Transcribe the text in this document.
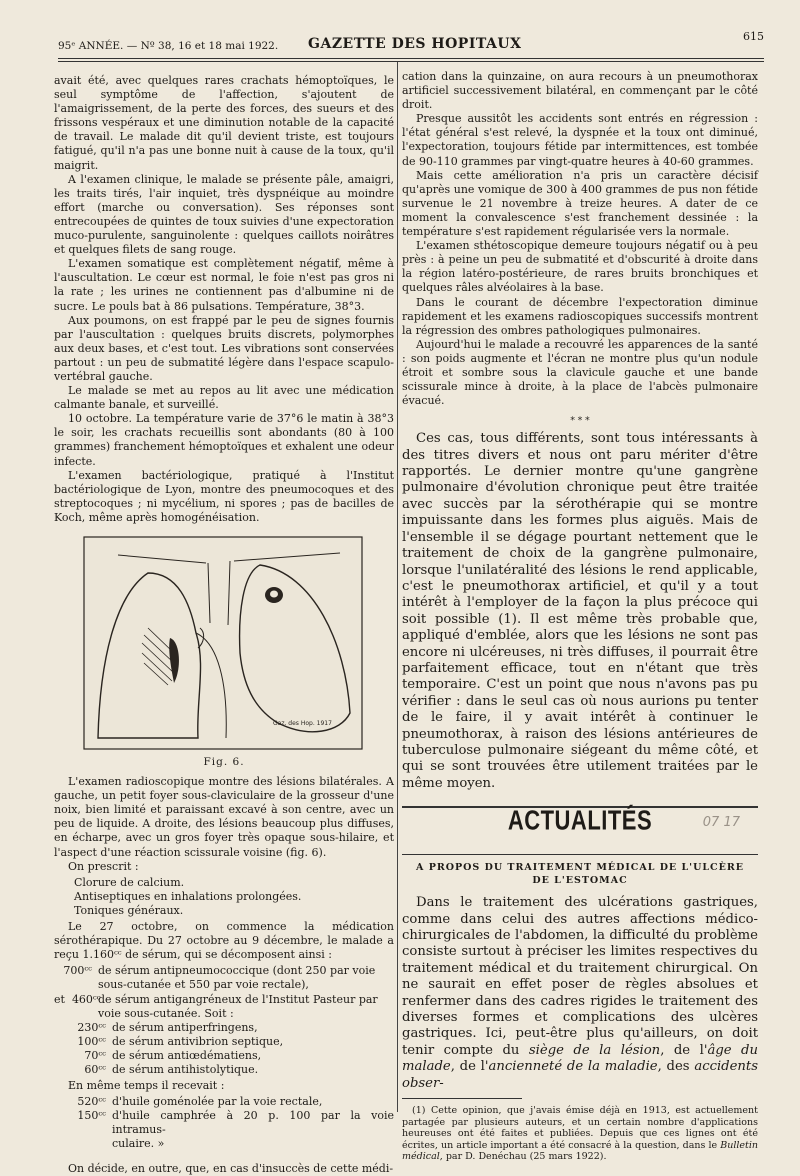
95ᵉ ANNÉE. — Nº 38, 16 et 18 mai 1922. GAZETTE DES HOPITAUX	615

avait été, avec quelques rares crachats hémoptoïques, le seul symptôme de l'affection, s'ajoutent de l'amaigrissement, de la perte des forces, des sueurs et des frissons vespéraux et une diminution notable de la capacité de travail. Le malade dit qu'il devient triste, est toujours fatigué, qu'il n'a pas une bonne nuit à cause de la toux, qu'il maigrit.

A l'examen clinique, le malade se présente pâle, amaigri, les traits tirés, l'air inquiet, très dyspnéique au moindre effort (marche ou conversation). Ses réponses sont entrecoupées de quintes de toux suivies d'une expectoration muco-purulente, sanguinolente : quelques caillots noirâtres et quelques filets de sang rouge.

L'examen somatique est complètement négatif, même à l'auscultation. Le cœur est normal, le foie n'est pas gros ni la rate ; les urines ne contiennent pas d'albumine ni de sucre. Le pouls bat à 86 pulsations. Température, 38°3.

Aux poumons, on est frappé par le peu de signes fournis par l'auscultation : quelques bruits discrets, polymorphes aux deux bases, et c'est tout. Les vibrations sont conservées partout : un peu de submatité légère dans l'espace scapulo-vertébral gauche.

Le malade se met au repos au lit avec une médication calmante banale, et surveillé.

10 octobre. La température varie de 37°6 le matin à 38°3 le soir, les crachats recueillis sont abondants (80 à 100 grammes) franchement hémoptoïques et exhalent une odeur infecte.

L'examen bactériologique, pratiqué à l'Institut bactériologique de Lyon, montre des pneumocoques et des streptocoques ; ni mycélium, ni spores ; pas de bacilles de Koch, même après homogénéisation.

Gaz. des Hop. 1917
Fig. 6.

L'examen radioscopique montre des lésions bilatérales. A gauche, un petit foyer sous-claviculaire de la grosseur d'une noix, bien limité et paraissant excavé à son centre, avec un peu de liquide. A droite, des lésions beaucoup plus diffuses, en écharpe, avec un gros foyer très opaque sous-hilaire, et l'aspect d'une réaction scissurale voisine (fig. 6).

On prescrit :

Clorure de calcium.
Antiseptiques en inhalations prolongées.
Toniques généraux.

Le 27 octobre, on commence la médication sérothérapique. Du 27 octobre au 9 décembre, le malade a reçu 1.160ᶜᶜ de sérum, qui se décomposent ainsi :

700ᶜᶜ de sérum antipneumococcique (dont 250 par voie
sous-cutanée et 550 par voie rectale),
et 460ᶜᶜ
de sérum antigangréneux de l'Institut Pasteur par
voie sous-cutanée. Soit :
230ᶜᶜ de sérum antiperfringens,
100ᶜᶜ de sérum antivibrion septique,
70ᶜᶜ de sérum antiœdématiens,
60ᶜᶜ de sérum antihistolytique.

En même temps il recevait :

520ᶜᶜ d'huile goménolée par la voie rectale,
150ᶜᶜ d'huile camphrée à 20 p. 100 par la voie intramus-
culaire. »

On décide, en outre, que, en cas d'insuccès de cette médi-

cation dans la quinzaine, on aura recours à un pneumothorax artificiel successivement bilatéral, en commençant par le côté droit.

Presque aussitôt les accidents sont entrés en régression : l'état général s'est relevé, la dyspnée et la toux ont diminué, l'expectoration, toujours fétide par intermittences, est tombée de 90-110 grammes par vingt-quatre heures à 40-60 grammes.

Mais cette amélioration n'a pris un caractère décisif qu'après une vomique de 300 à 400 grammes de pus non fétide survenue le 21 novembre à treize heures. A dater de ce moment la convalescence s'est franchement dessinée : la température s'est rapidement régularisée vers la normale.

L'examen sthétoscopique demeure toujours négatif ou à peu près : à peine un peu de submatité et d'obscurité à droite dans la région latéro-postérieure, de rares bruits bronchiques et quelques râles alvéolaires à la base.

Dans le courant de décembre l'expectoration diminue rapidement et les examens radioscopiques successifs montrent la régression des ombres pathologiques pulmonaires.

Aujourd'hui le malade a recouvré les apparences de la santé : son poids augmente et l'écran ne montre plus qu'un nodule étroit et sombre sous la clavicule gauche et une bande scissurale mince à droite, à la place de l'abcès pulmonaire évacué.

⁎ ⁎ ⁎

Ces cas, tous différents, sont tous intéressants à des titres divers et nous ont paru mériter d'être rapportés. Le dernier montre qu'une gangrène pulmonaire d'évolution chronique peut être traitée avec succès par la sérothérapie qui se montre impuissante dans les formes plus aiguës. Mais de l'ensemble il se dégage pourtant nettement que le traitement de choix de la gangrène pulmonaire, lorsque l'unilatéralité des lésions le rend applicable, c'est le pneumothorax artificiel, et qu'il y a tout intérêt à l'employer de la façon la plus précoce qui soit possible (1). Il est même très probable que, appliqué d'emblée, alors que les lésions ne sont pas encore ni ulcéreuses, ni très diffuses, il pourrait être parfaitement efficace, tout en n'étant que très temporaire. C'est un point que nous n'avons pas pu vérifier : dans le seul cas où nous aurions pu tenter de le faire, il y avait intérêt à continuer le pneumothorax, à raison des lésions antérieures de tuberculose pulmonaire siégeant du même côté, et qui se sont trouvées être utilement traitées par le même moyen.

ACTUALITÉS	07 17
A PROPOS DU TRAITEMENT MÉDICAL DE L'ULCÈRE
DE L'ESTOMAC

Dans le traitement des ulcérations gastriques, comme dans celui des autres affections médico-chirurgicales de l'abdomen, la difficulté du problème consiste surtout à préciser les limites respectives du traitement médical et du traitement chirurgical. On ne saurait en effet poser de règles absolues et renfermer dans des cadres rigides le traitement des diverses formes et complications des ulcères gastriques. Ici, peut-être plus qu'ailleurs, on doit tenir compte du siège de la lésion, de l'âge du malade, de l'ancienneté de la maladie, des accidents obser-

(1) Cette opinion, que j'avais émise déjà en 1913, est actuellement partagée par plusieurs auteurs, et un certain nombre d'applications heureuses ont été faites et publiées. Depuis que ces lignes ont été écrites, un article important a été consacré à la question, dans le Bulletin médical, par D. Denéchau (25 mars 1922).
